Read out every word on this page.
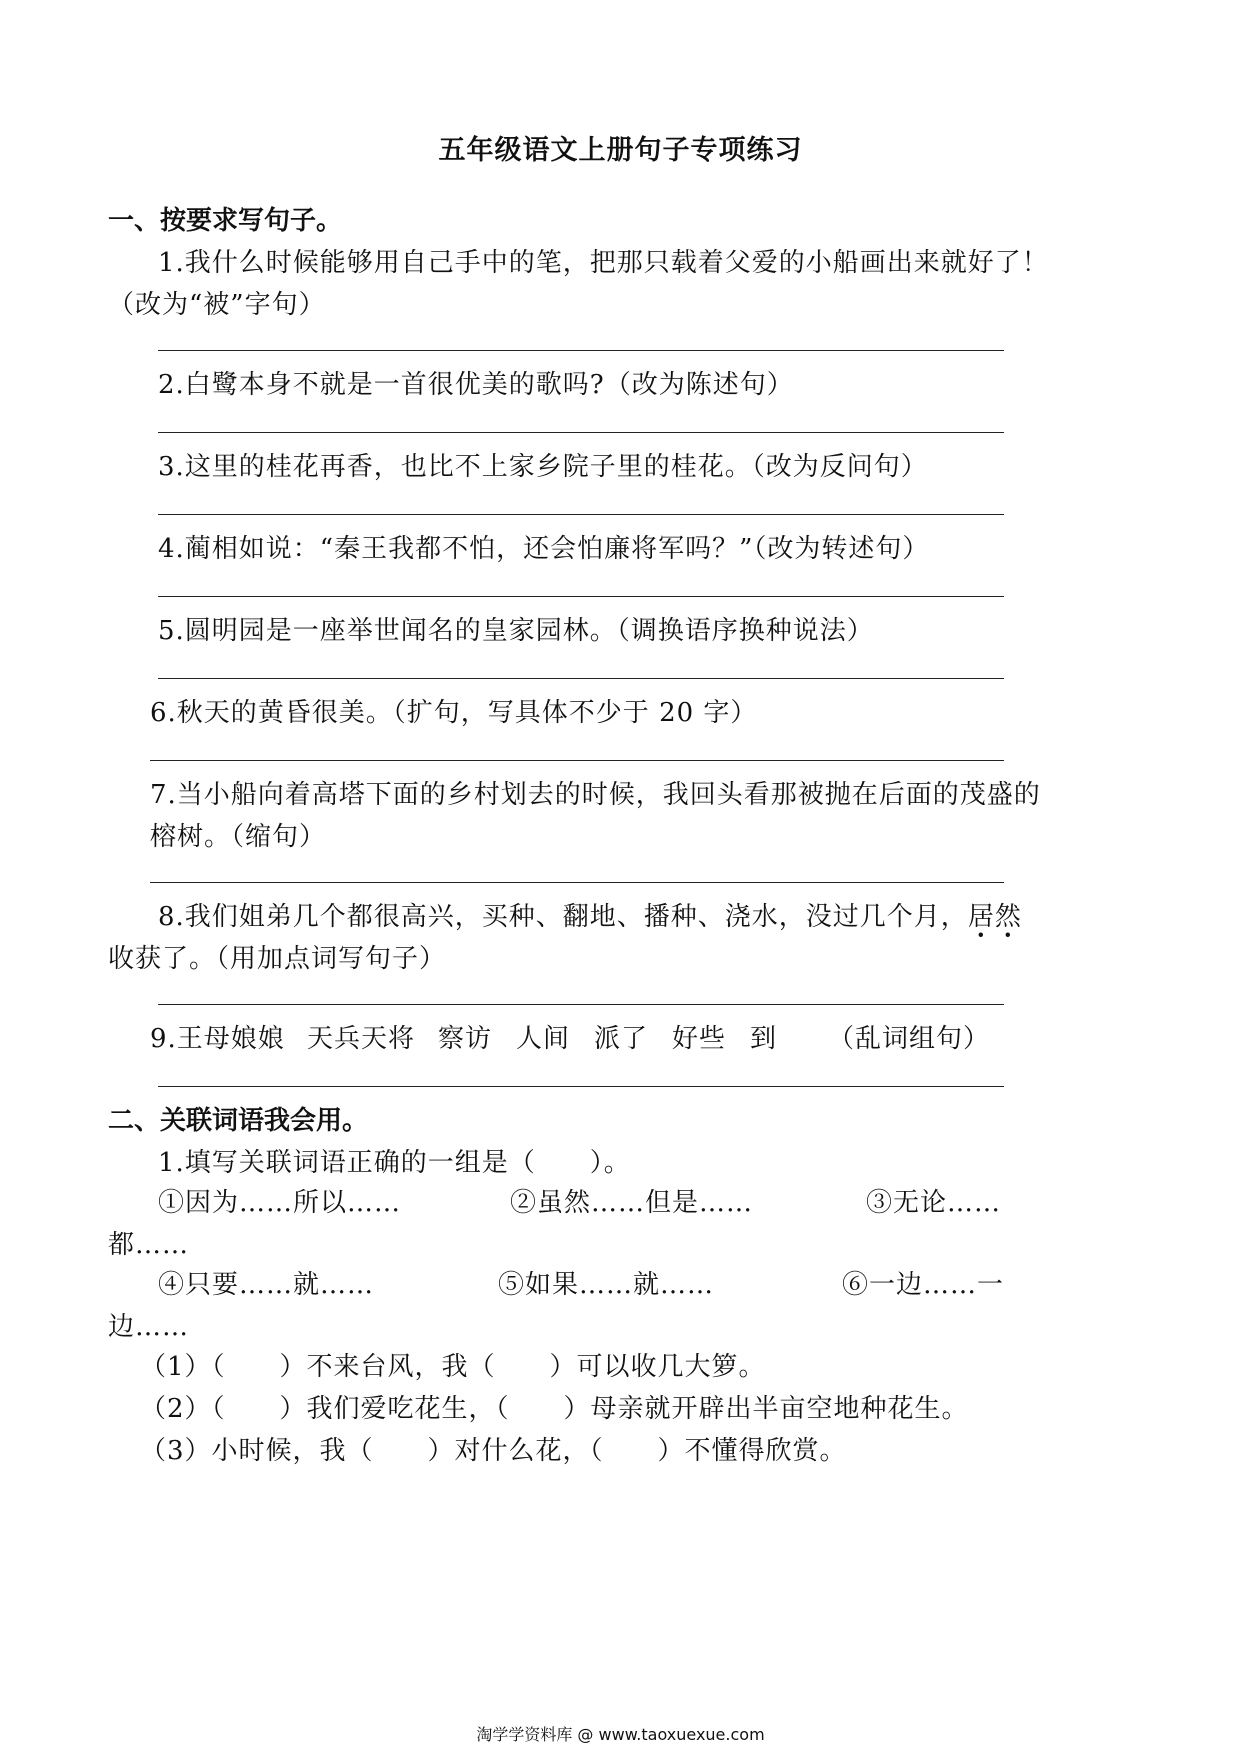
五年级语文上册句子专项练习
一、按要求写句子。
1.我什么时候能够用自己手中的笔，把那只载着父爱的小船画出来就好了！
（改为“被”字句）
2.白鹭本身不就是一首很优美的歌吗?（改为陈述句）
3.这里的桂花再香，也比不上家乡院子里的桂花。（改为反问句）
4.蔺相如说：“秦王我都不怕，还会怕廉将军吗？”（改为转述句）
5.圆明园是一座举世闻名的皇家园林。（调换语序换种说法）
6.秋天的黄昏很美。（扩句，写具体不少于 20 字）
7.当小船向着高塔下面的乡村划去的时候，我回头看那被抛在后面的茂盛的
榕树。（缩句）
8.我们姐弟几个都很高兴，买种、翻地、播种、浇水，没过几个月，居然
收获了。（用加点词写句子）
9.王母娘娘 天兵天将 察访 人间 派了 好些 到 （乱词组句）
二、关联词语我会用。
1.填写关联词语正确的一组是（　　）。
①因为……所以……	②虽然……但是……	③无论……
都……
④只要……就……	⑤如果……就……	⑥一边……一
边……
（1）（　　）不来台风，我（　　）可以收几大箩。
（2）（　　）我们爱吃花生，（　　）母亲就开辟出半亩空地种花生。
（3）小时候，我（　　）对什么花，（　　）不懂得欣赏。
淘学学资料库 @ www.taoxuexue.com
